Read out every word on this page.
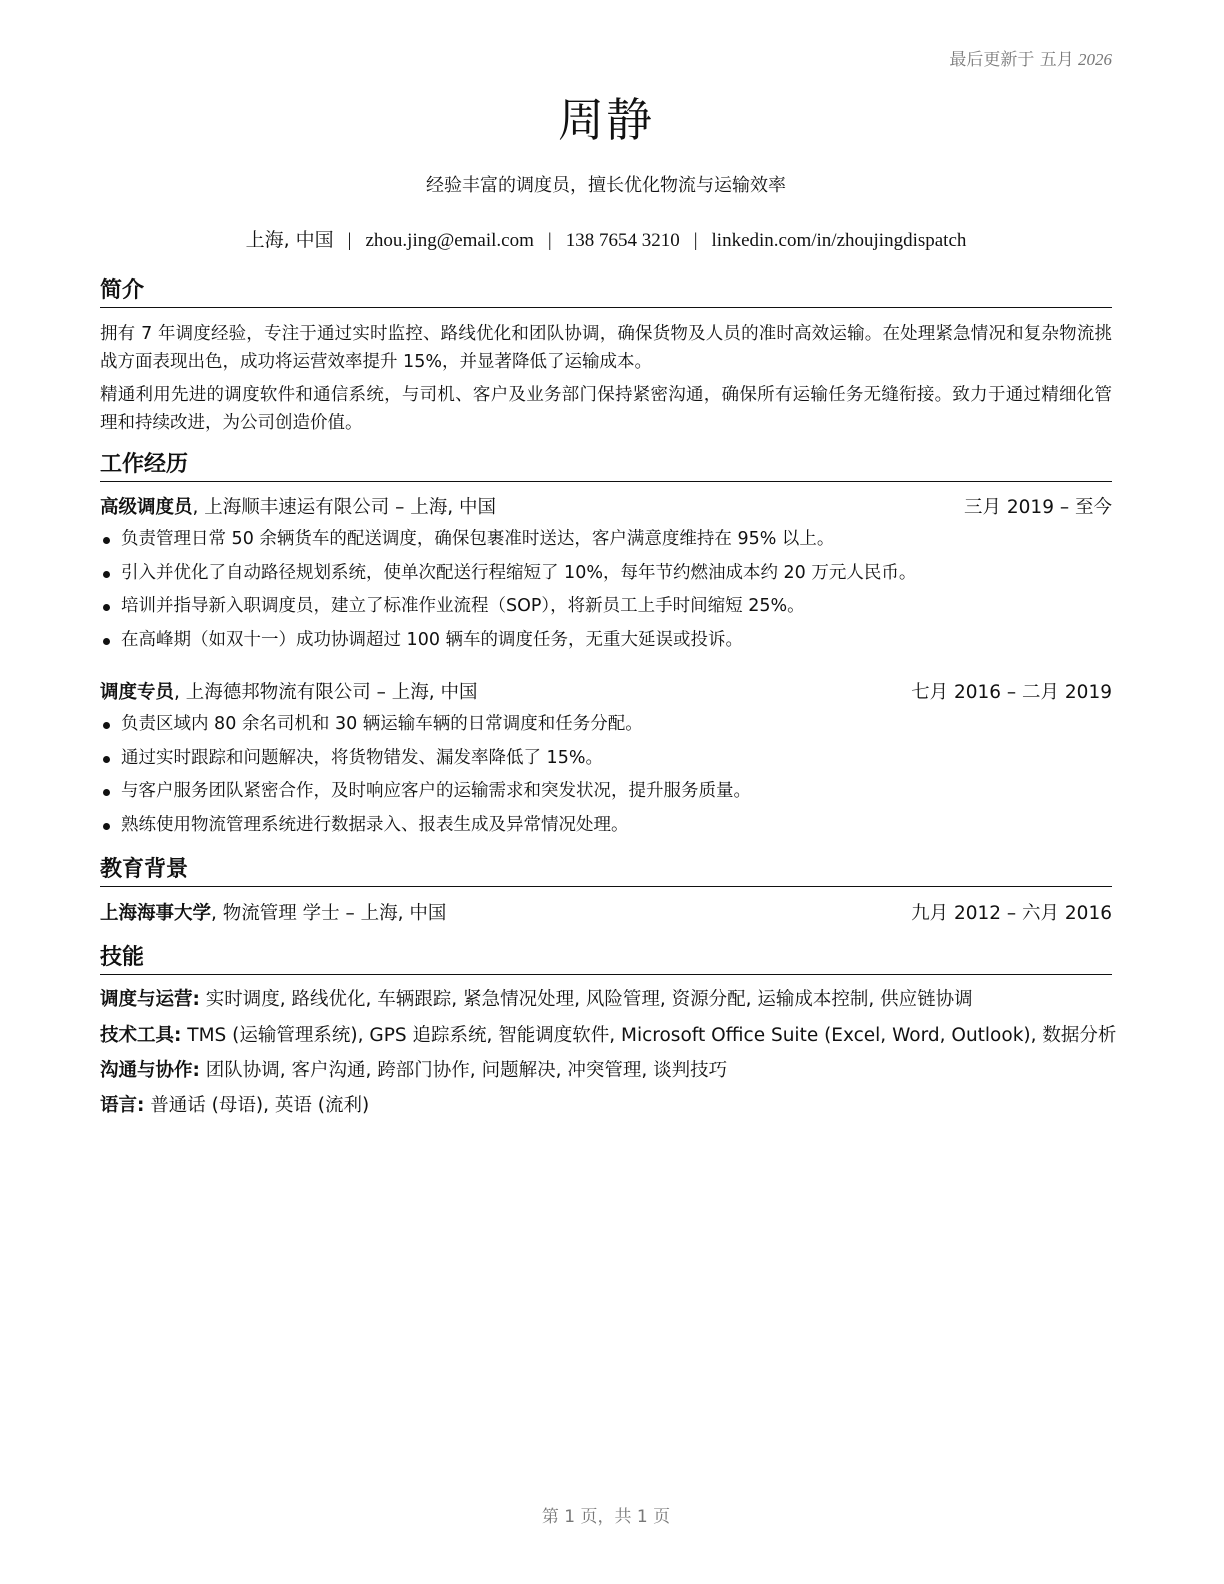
最后更新于 五月 2026
周静
经验丰富的调度员，擅长优化物流与运输效率
上海, 中国 | zhou.jing@email.com | 138 7654 3210 | linkedin.com/in/zhoujingdispatch
简介
拥有 7 年调度经验，专注于通过实时监控、路线优化和团队协调，确保货物及人员的准时高效运输。在处理紧急情况和复杂物流挑战方面表现出色，成功将运营效率提升 15%，并显著降低了运输成本。
精通利用先进的调度软件和通信系统，与司机、客户及业务部门保持紧密沟通，确保所有运输任务无缝衔接。致力于通过精细化管理和持续改进，为公司创造价值。
工作经历
高级调度员, 上海顺丰速运有限公司 – 上海, 中国	三月 2019 – 至今
负责管理日常 50 余辆货车的配送调度，确保包裹准时送达，客户满意度维持在 95% 以上。
引入并优化了自动路径规划系统，使单次配送行程缩短了 10%，每年节约燃油成本约 20 万元人民币。
培训并指导新入职调度员，建立了标准作业流程（SOP），将新员工上手时间缩短 25%。
在高峰期（如双十一）成功协调超过 100 辆车的调度任务，无重大延误或投诉。
调度专员, 上海德邦物流有限公司 – 上海, 中国	七月 2016 – 二月 2019
负责区域内 80 余名司机和 30 辆运输车辆的日常调度和任务分配。
通过实时跟踪和问题解决，将货物错发、漏发率降低了 15%。
与客户服务团队紧密合作，及时响应客户的运输需求和突发状况，提升服务质量。
熟练使用物流管理系统进行数据录入、报表生成及异常情况处理。
教育背景
上海海事大学, 物流管理 学士 – 上海, 中国	九月 2012 – 六月 2016
技能
调度与运营: 实时调度, 路线优化, 车辆跟踪, 紧急情况处理, 风险管理, 资源分配, 运输成本控制, 供应链协调
技术工具: TMS (运输管理系统), GPS 追踪系统, 智能调度软件, Microsoft Office Suite (Excel, Word, Outlook), 数据分析
沟通与协作: 团队协调, 客户沟通, 跨部门协作, 问题解决, 冲突管理, 谈判技巧
语言: 普通话 (母语), 英语 (流利)
第 1 页，共 1 页
